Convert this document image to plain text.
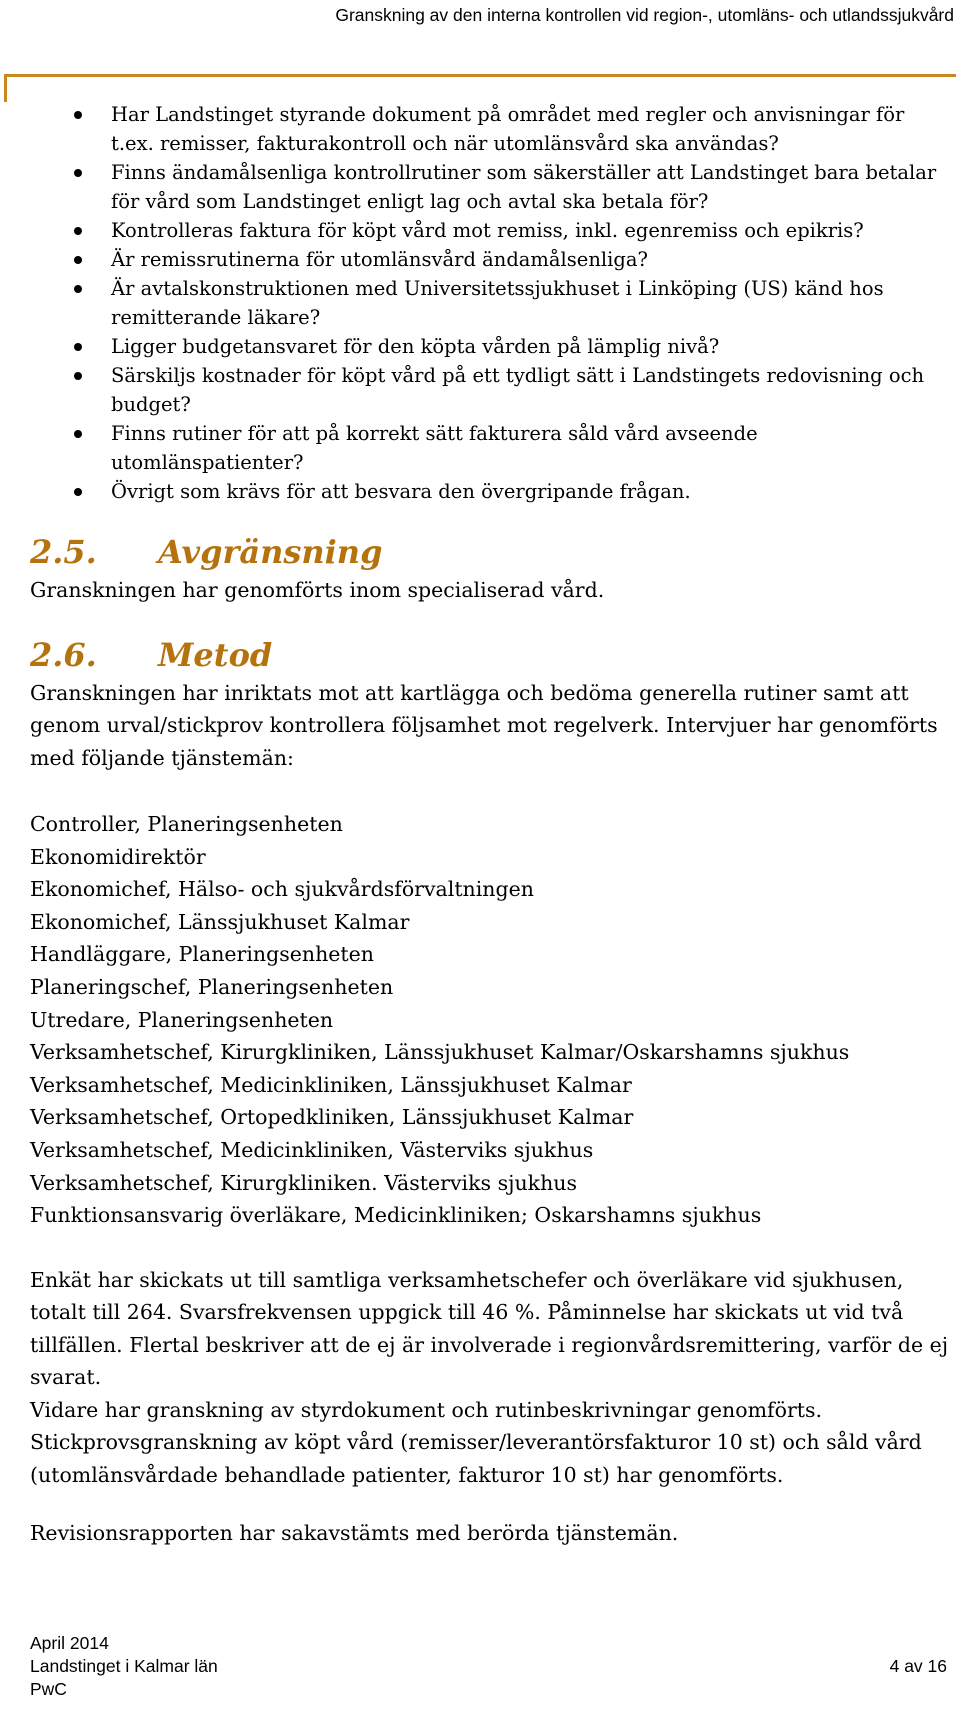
Granskning av den interna kontrollen vid region-, utomläns- och utlandssjukvård
Har Landstinget styrande dokument på området med regler och anvisningar för t.ex. remisser, fakturakontroll och när utomlänsvård ska användas?
Finns ändamålsenliga kontrollrutiner som säkerställer att Landstinget bara betalar för vård som Landstinget enligt lag och avtal ska betala för?
Kontrolleras faktura för köpt vård mot remiss, inkl. egenremiss och epikris?
Är remissrutinerna för utomlänsvård ändamålsenliga?
Är avtalskonstruktionen med Universitetssjukhuset i Linköping (US) känd hos remitterande läkare?
Ligger budgetansvaret för den köpta vården på lämplig nivå?
Särskiljs kostnader för köpt vård på ett tydligt sätt i Landstingets redovisning och budget?
Finns rutiner för att på korrekt sätt fakturera såld vård avseende utomlänspatienter?
Övrigt som krävs för att besvara den övergripande frågan.
2.5. Avgränsning

Granskningen har genomförts inom specialiserad vård.

2.6. Metod

Granskningen har inriktats mot att kartlägga och bedöma generella rutiner samt att genom urval/stickprov kontrollera följsamhet mot regelverk. Intervjuer har genomförts med följande tjänstemän:

Controller, Planeringsenheten
Ekonomidirektör
Ekonomichef, Hälso- och sjukvårdsförvaltningen
Ekonomichef, Länssjukhuset Kalmar
Handläggare, Planeringsenheten
Planeringschef, Planeringsenheten
Utredare, Planeringsenheten
Verksamhetschef, Kirurgkliniken, Länssjukhuset Kalmar/Oskarshamns sjukhus
Verksamhetschef, Medicinkliniken, Länssjukhuset Kalmar
Verksamhetschef, Ortopedkliniken, Länssjukhuset Kalmar
Verksamhetschef, Medicinkliniken, Västerviks sjukhus
Verksamhetschef, Kirurgkliniken. Västerviks sjukhus
Funktionsansvarig överläkare, Medicinkliniken; Oskarshamns sjukhus

Enkät har skickats ut till samtliga verksamhetschefer och överläkare vid sjukhusen, totalt till 264. Svarsfrekvensen uppgick till 46 %. Påminnelse har skickats ut vid två tillfällen. Flertal beskriver att de ej är involverade i regionvårdsremittering, varför de ej svarat.

Vidare har granskning av styrdokument och rutinbeskrivningar genomförts. Stickprovsgranskning av köpt vård (remisser/leverantörsfakturor 10 st) och såld vård (utomlänsvårdade behandlade patienter, fakturor 10 st) har genomförts.

Revisionsrapporten har sakavstämts med berörda tjänstemän.

April 2014
Landstinget i Kalmar län
PwC
4 av 16
